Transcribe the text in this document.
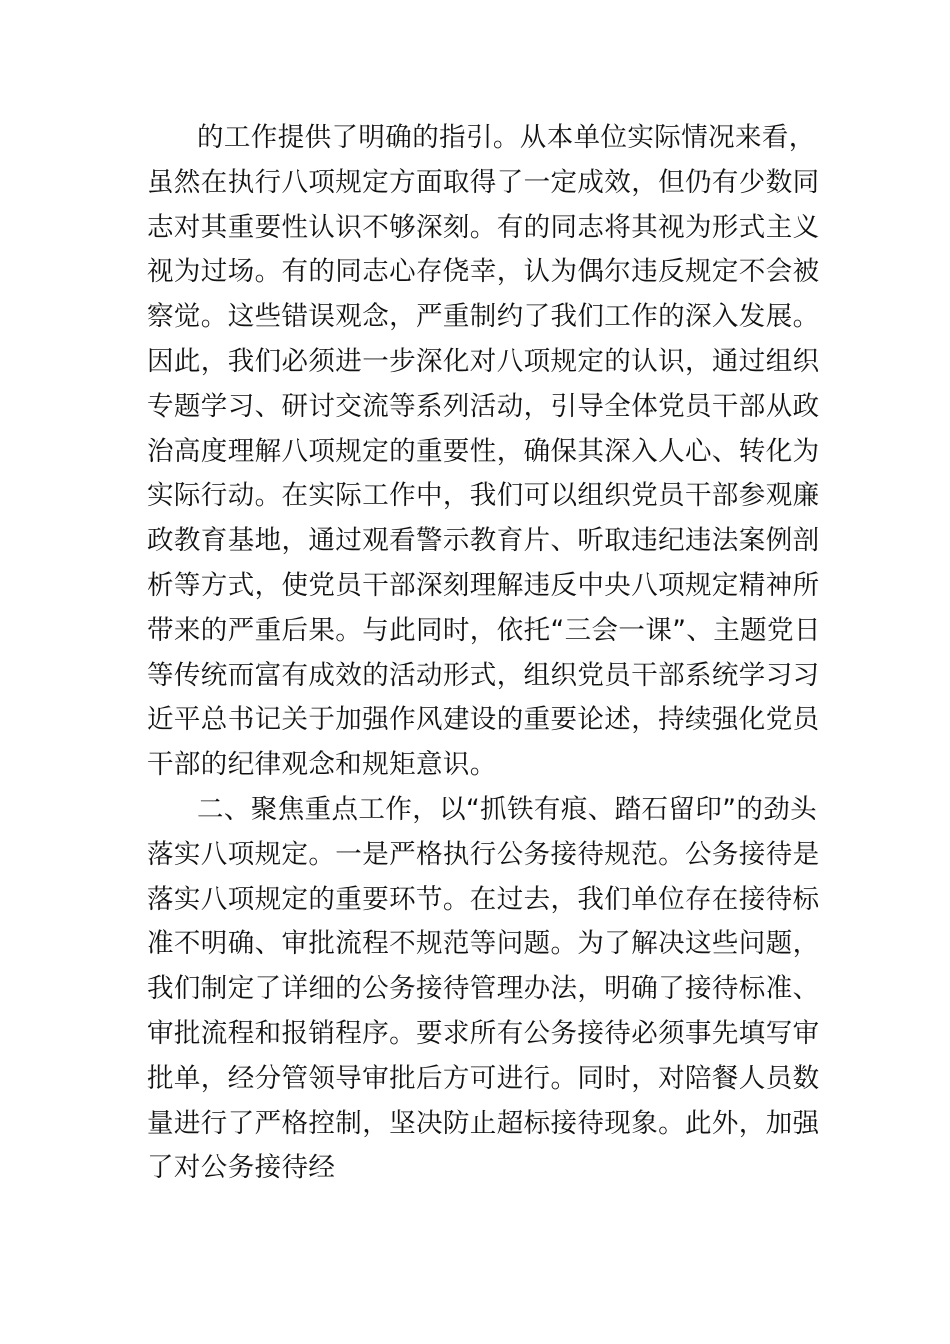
的工作提供了明确的指引。从本单位实际情况来看，
虽然在执行八项规定方面取得了一定成效，但仍有少数同
志对其重要性认识不够深刻。有的同志将其视为形式主义
视为过场。有的同志心存侥幸，认为偶尔违反规定不会被
察觉。这些错误观念，严重制约了我们工作的深入发展。
因此，我们必须进一步深化对八项规定的认识，通过组织
专题学习、研讨交流等系列活动，引导全体党员干部从政
治高度理解八项规定的重要性，确保其深入人心、转化为
实际行动。在实际工作中，我们可以组织党员干部参观廉
政教育基地，通过观看警示教育片、听取违纪违法案例剖
析等方式，使党员干部深刻理解违反中央八项规定精神所
带来的严重后果。与此同时，依托“三会一课”、主题党日
等传统而富有成效的活动形式，组织党员干部系统学习习
近平总书记关于加强作风建设的重要论述，持续强化党员
干部的纪律观念和规矩意识。
二、聚焦重点工作，以“抓铁有痕、踏石留印”的劲头
落实八项规定。一是严格执行公务接待规范。公务接待是
落实八项规定的重要环节。在过去，我们单位存在接待标
准不明确、审批流程不规范等问题。为了解决这些问题，
我们制定了详细的公务接待管理办法，明确了接待标准、
审批流程和报销程序。要求所有公务接待必须事先填写审
批单，经分管领导审批后方可进行。同时，对陪餐人员数
量进行了严格控制，坚决防止超标接待现象。此外，加强
了对公务接待经
